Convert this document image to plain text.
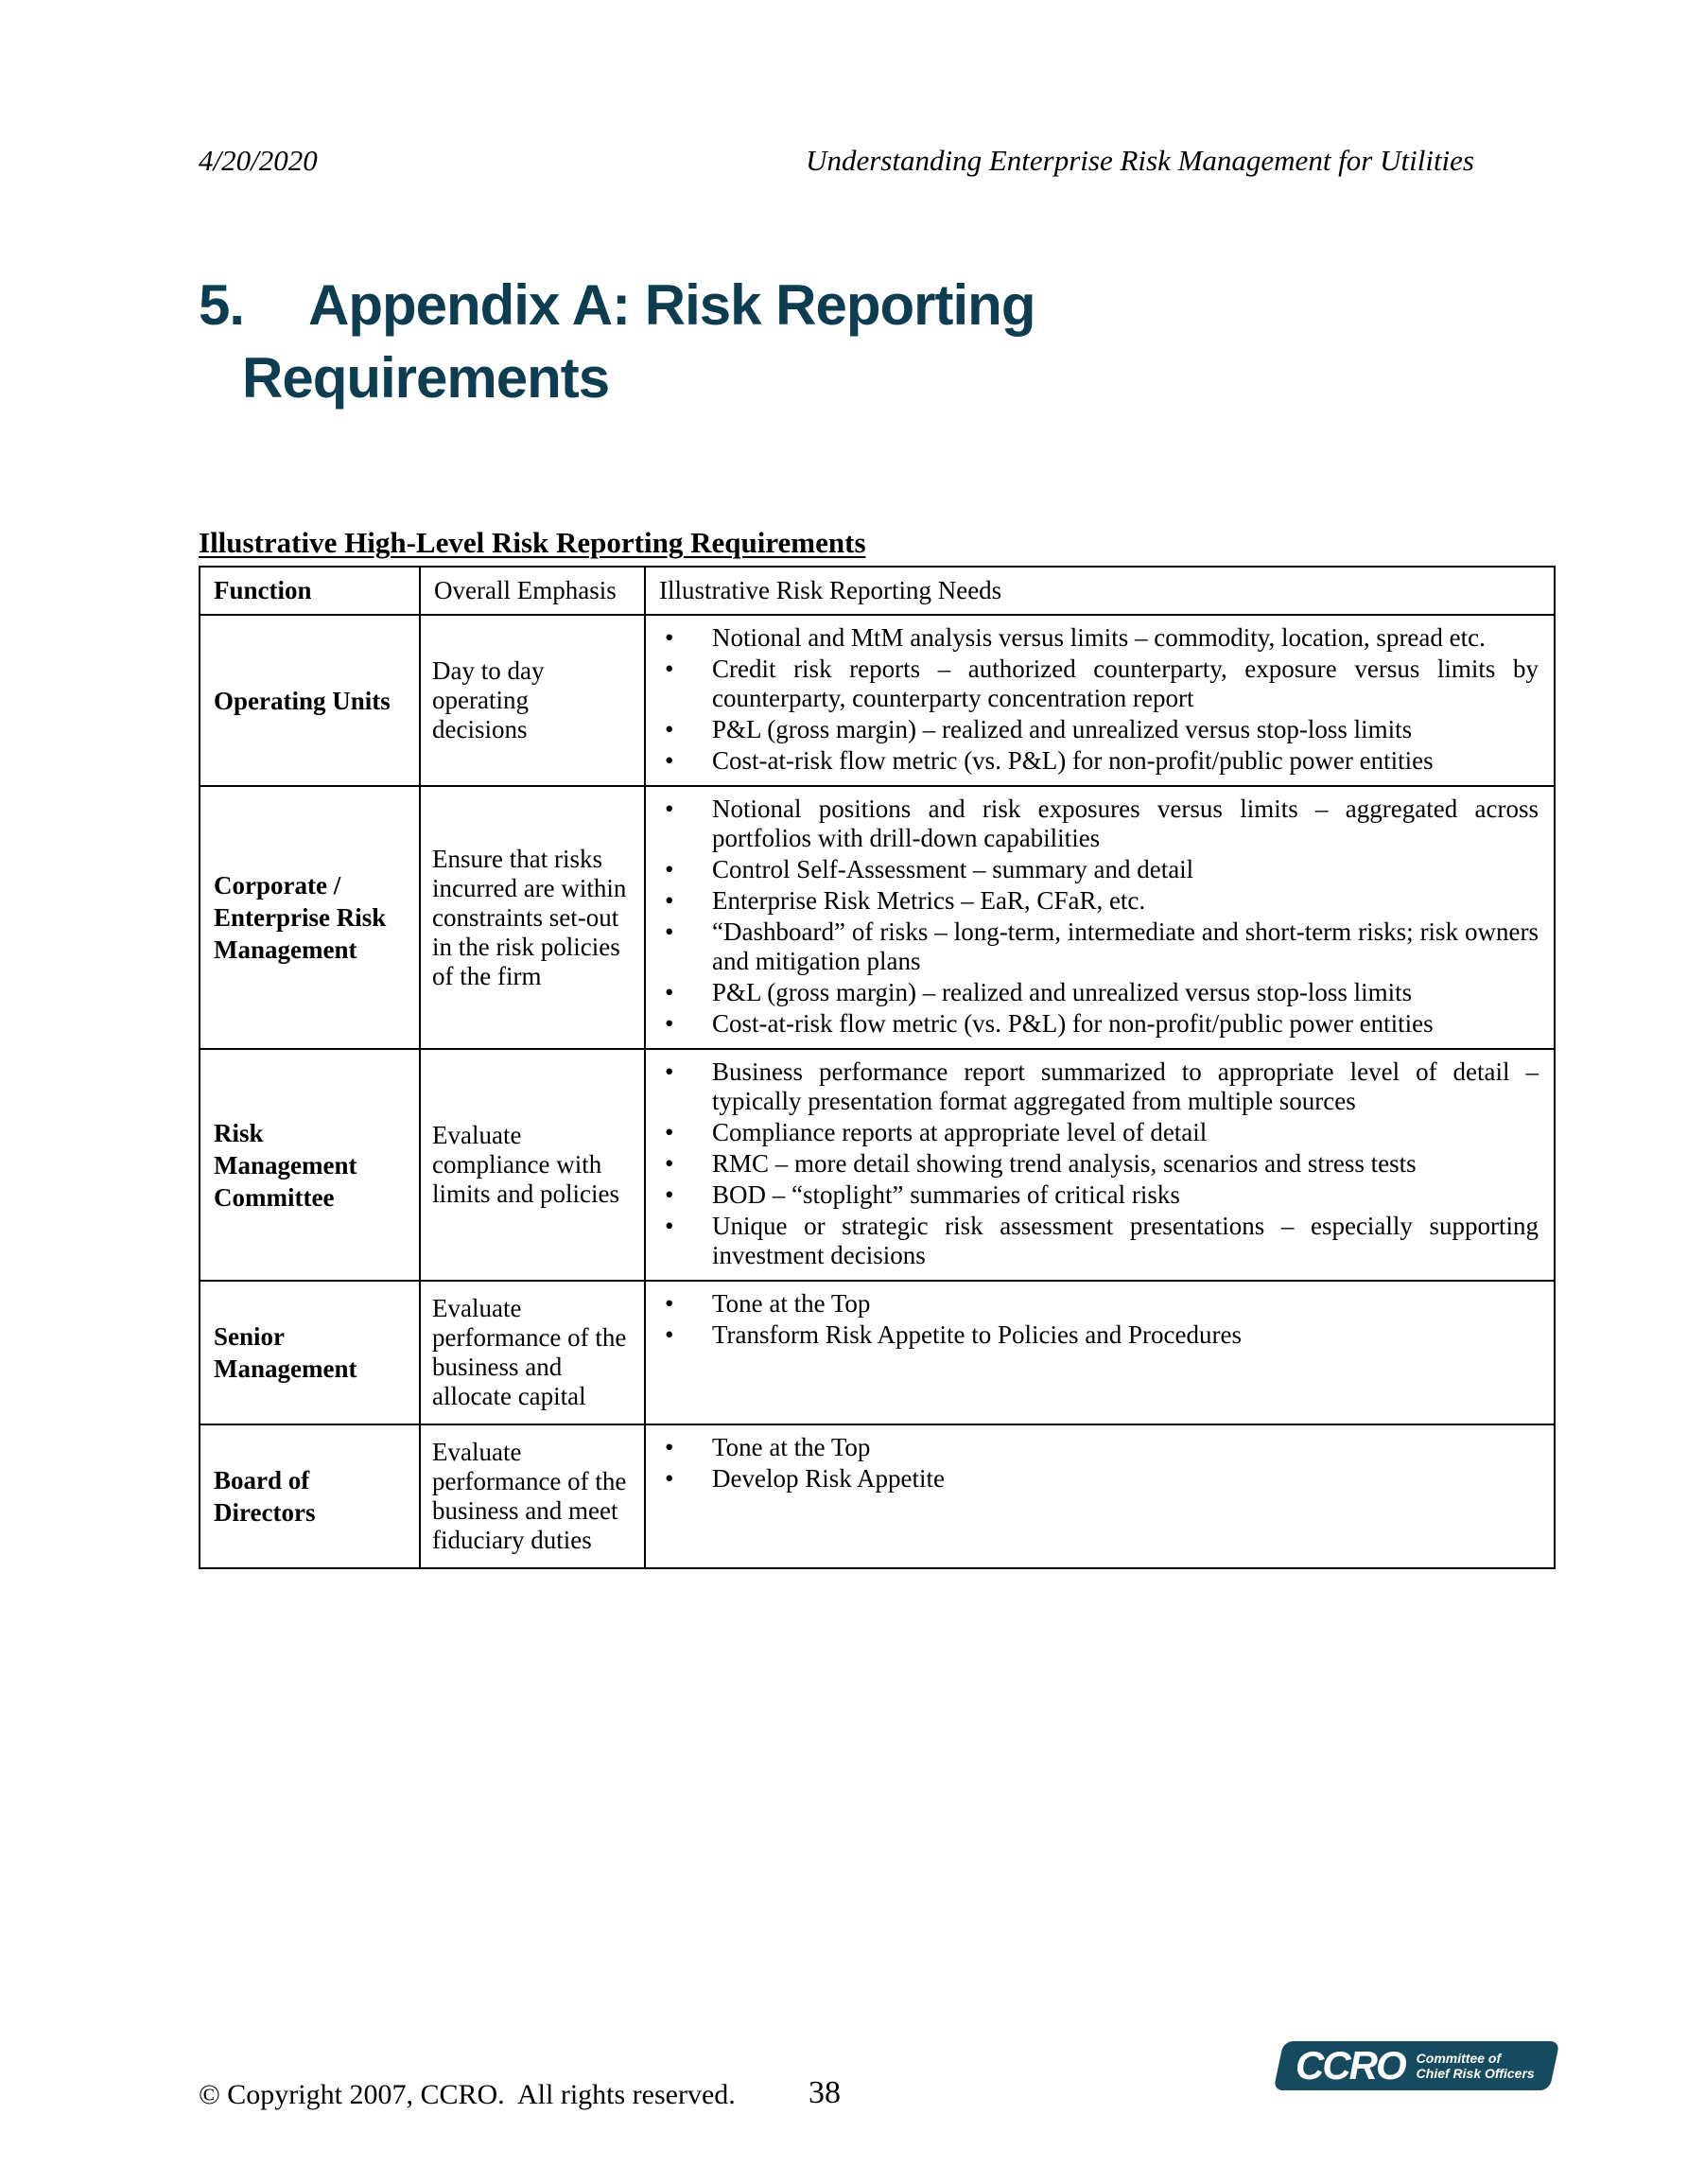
4/20/2020	Understanding Enterprise Risk Management for Utilities
5. Appendix A: Risk Reporting
Requirements
Illustrative High-Level Risk Reporting Requirements
Function	Overall Emphasis	Illustrative Risk Reporting Needs
Operating Units	Day to day operating decisions	
• Notional and MtM analysis versus limits – commodity, location, spread etc.
• Credit risk reports – authorized counterparty, exposure versus limits by counterparty, counterparty concentration report
• P&L (gross margin) – realized and unrealized versus stop-loss limits
• Cost-at-risk flow metric (vs. P&L) for non-profit/public power entities

Corporate / Enterprise Risk Management	Ensure that risks incurred are within constraints set-out in the risk policies of the firm	
• Notional positions and risk exposures versus limits – aggregated across portfolios with drill-down capabilities
• Control Self-Assessment – summary and detail
• Enterprise Risk Metrics – EaR, CFaR, etc.
• “Dashboard” of risks – long-term, intermediate and short-term risks; risk owners and mitigation plans
• P&L (gross margin) – realized and unrealized versus stop-loss limits
• Cost-at-risk flow metric (vs. P&L) for non-profit/public power entities

Risk Management Committee	Evaluate compliance with limits and policies	
• Business performance report summarized to appropriate level of detail – typically presentation format aggregated from multiple sources
• Compliance reports at appropriate level of detail
• RMC – more detail showing trend analysis, scenarios and stress tests
• BOD – “stoplight” summaries of critical risks
• Unique or strategic risk assessment presentations – especially supporting investment decisions

Senior Management	Evaluate performance of the business and allocate capital	
• Tone at the Top
• Transform Risk Appetite to Policies and Procedures

Board of Directors	Evaluate performance of the business and meet fiduciary duties	
• Tone at the Top
• Develop Risk Appetite
© Copyright 2007, CCRO.  All rights reserved. 38
CCRO Committee of
Chief Risk Officers
